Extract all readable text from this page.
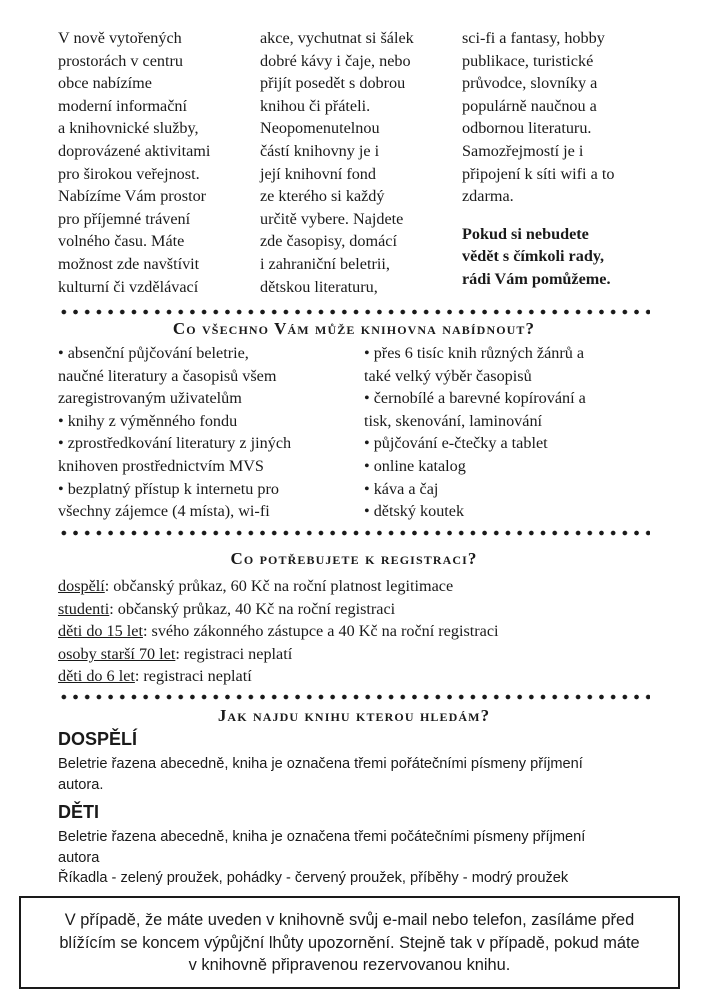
V nově vytořených
prostorách v centru
obce nabízíme
moderní informační
a knihovnické služby,
doprovázené aktivitami
pro širokou veřejnost.
Nabízíme Vám prostor
pro příjemné trávení
volného času. Máte
možnost zde navštívit
kulturní či vzdělávací
akce, vychutnat si šálek
dobré kávy i čaje, nebo
přijít posedět s dobrou
knihou či přáteli.
Neopomenutelnou
částí knihovny je i
její knihovní fond
ze kterého si každý
určitě vybere. Najdete
zde časopisy, domácí
i zahraniční beletrii,
dětskou literaturu,
sci-fi a fantasy, hobby
publikace, turistické
průvodce, slovníky a
populárně naučnou a
odbornou literaturu.
Samozřejmostí je i
připojení k síti wifi a to
zdarma.
Pokud si nebudete
vědět s čímkoli rady,
rádi Vám pomůžeme.
Co všechno Vám může knihovna nabídnout?
• absenční půjčování beletrie,
naučné literatury a časopisů všem
zaregistrovaným uživatelům
• knihy z výměnného fondu
• zprostředkování literatury z jiných
knihoven prostřednictvím MVS
• bezplatný přístup k internetu pro
všechny zájemce (4 místa), wi-fi
• přes 6 tisíc knih různých žánrů a
také velký výběr časopisů
• černobílé a barevné kopírování a
tisk, skenování, laminování
• půjčování e-čtečky a tablet
• online katalog
• káva a čaj
• dětský koutek
Co potřebujete k registraci?
dospělí: občanský průkaz, 60 Kč na roční platnost legitimace
studenti: občanský průkaz, 40 Kč na roční registraci
děti do 15 let: svého zákonného zástupce a 40 Kč na roční registraci
osoby starší 70 let: registraci neplatí
děti do 6 let: registraci neplatí
Jak najdu knihu kterou hledám?
DOSPĚLÍ
Beletrie řazena abecedně, kniha je označena třemi pořátečními písmeny příjmení
autora.
DĚTI
Beletrie řazena abecedně, kniha je označena třemi počátečními písmeny příjmení
autora
Říkadla - zelený proužek, pohádky - červený proužek, příběhy - modrý proužek
V případě, že máte uveden v knihovně svůj e-mail nebo telefon, zasíláme před
blížícím se koncem výpůjční lhůty upozornění. Stejně tak v případě, pokud máte
v knihovně připravenou rezervovanou knihu.
